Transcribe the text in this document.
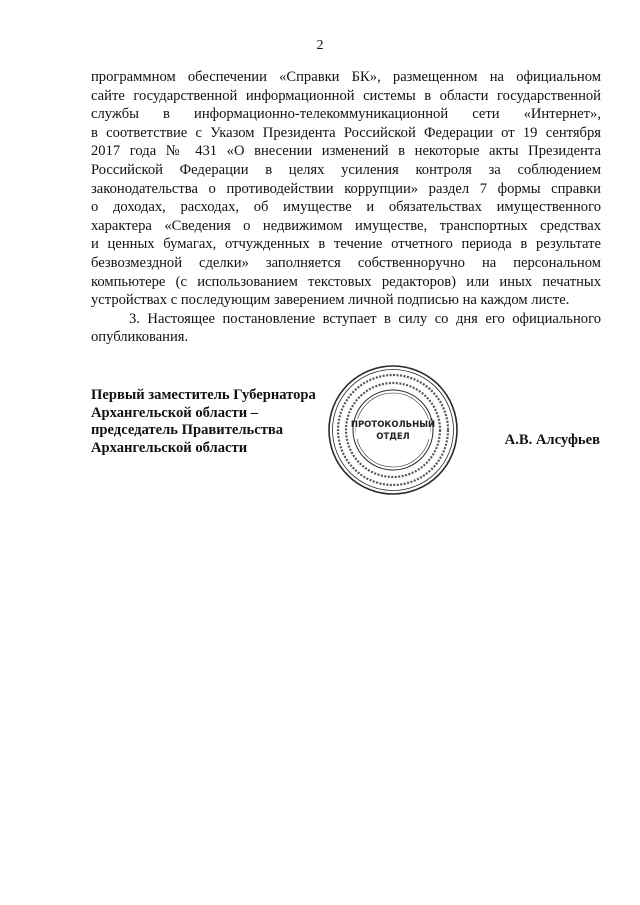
2
программном обеспечении «Справки БК», размещенном на официальном
сайте государственной информационной системы в области государственной
службы в информационно-телекоммуникационной сети «Интернет»,
в соответствие с Указом Президента Российской Федерации от 19 сентября
2017 года № 431 «О внесении изменений в некоторые акты Президента
Российской Федерации в целях усиления контроля за соблюдением
законодательства о противодействии коррупции» раздел 7 формы справки
о доходах, расходах, об имуществе и обязательствах имущественного
характера «Сведения о недвижимом имуществе, транспортных средствах
и ценных бумагах, отчужденных в течение отчетного периода в результате
безвозмездной сделки» заполняется собственноручно на персональном
компьютере (с использованием текстовых редакторов) или иных печатных
устройствах с последующим заверением личной подписью на каждом листе.
3. Настоящее постановление вступает в силу со дня его официального
опубликования.
Первый заместитель Губернатора
Архангельской области –
председатель Правительства
Архангельской области
ПРОТОКОЛЬНЫЙ
ОТДЕЛ	А.В. Алсуфьев
